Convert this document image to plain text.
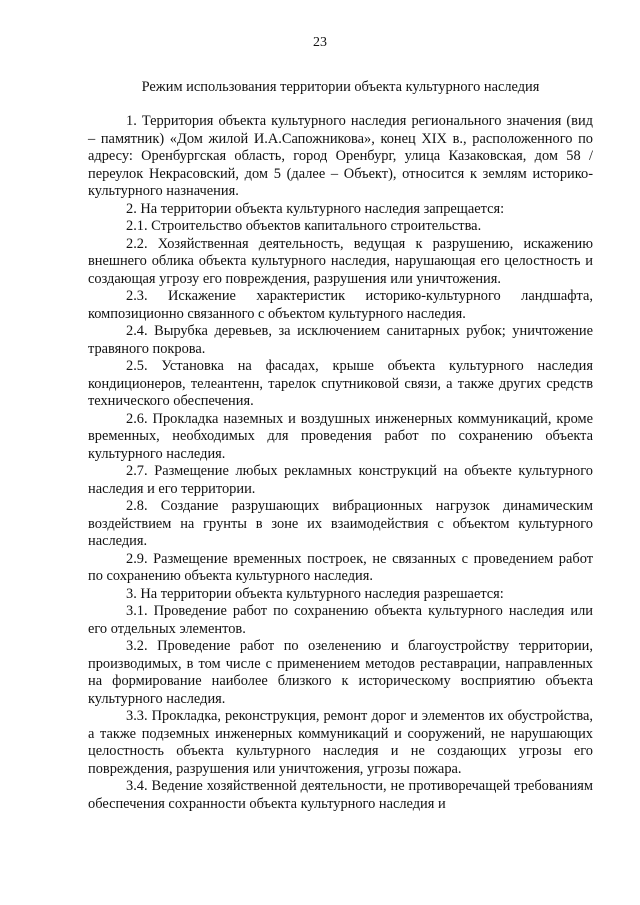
23
Режим использования территории объекта культурного наследия

1. Территория объекта культурного наследия регионального значения (вид – памятник) «Дом жилой И.А.Сапожникова», конец XIX в., расположенного по адресу: Оренбургская область, город Оренбург, улица Казаковская, дом 58 / переулок Некрасовский, дом 5 (далее – Объект), относится к землям историко-культурного назначения.

2. На территории объекта культурного наследия запрещается:

2.1. Строительство объектов капитального строительства.

2.2. Хозяйственная деятельность, ведущая к разрушению, искажению внешнего облика объекта культурного наследия, нарушающая его целостность и создающая угрозу его повреждения, разрушения или уничтожения.

2.3. Искажение характеристик историко-культурного ландшафта, композиционно связанного с объектом культурного наследия.

2.4. Вырубка деревьев, за исключением санитарных рубок; уничтожение травяного покрова.

2.5. Установка на фасадах, крыше объекта культурного наследия кондиционеров, телеантенн, тарелок спутниковой связи, а также других средств технического обеспечения.

2.6. Прокладка наземных и воздушных инженерных коммуникаций, кроме временных, необходимых для проведения работ по сохранению объекта культурного наследия.

2.7. Размещение любых рекламных конструкций на объекте культурного наследия и его территории.

2.8. Создание разрушающих вибрационных нагрузок динамическим воздействием на грунты в зоне их взаимодействия с объектом культурного наследия.

2.9. Размещение временных построек, не связанных с проведением работ по сохранению объекта культурного наследия.

3. На территории объекта культурного наследия разрешается:

3.1. Проведение работ по сохранению объекта культурного наследия или его отдельных элементов.

3.2. Проведение работ по озеленению и благоустройству территории, производимых, в том числе с применением методов реставрации, направленных на формирование наиболее близкого к историческому восприятию объекта культурного наследия.

3.3. Прокладка, реконструкция, ремонт дорог и элементов их обустройства, а также подземных инженерных коммуникаций и сооружений, не нарушающих целостность объекта культурного наследия и не создающих угрозы его повреждения, разрушения или уничтожения, угрозы пожара.

3.4. Ведение хозяйственной деятельности, не противоречащей требованиям обеспечения сохранности объекта культурного наследия и
